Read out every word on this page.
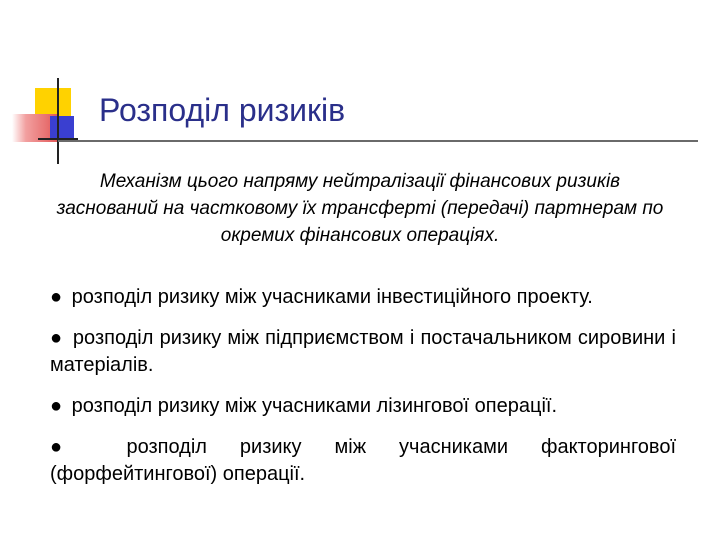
Розподіл ризиків

Механізм цього напряму нейтралізації фінансових ризиків заснований на частковому їх трансферті (передачі) партнерам по окремих фінансових операціях.

● розподіл ризику між учасниками інвестиційного проекту.
● розподіл ризику між підприємством і постачальником сировини і матеріалів.
● розподіл ризику між учасниками лізингової операції.
● розподіл ризику між учасниками факторингової (форфейтингової) операції.
